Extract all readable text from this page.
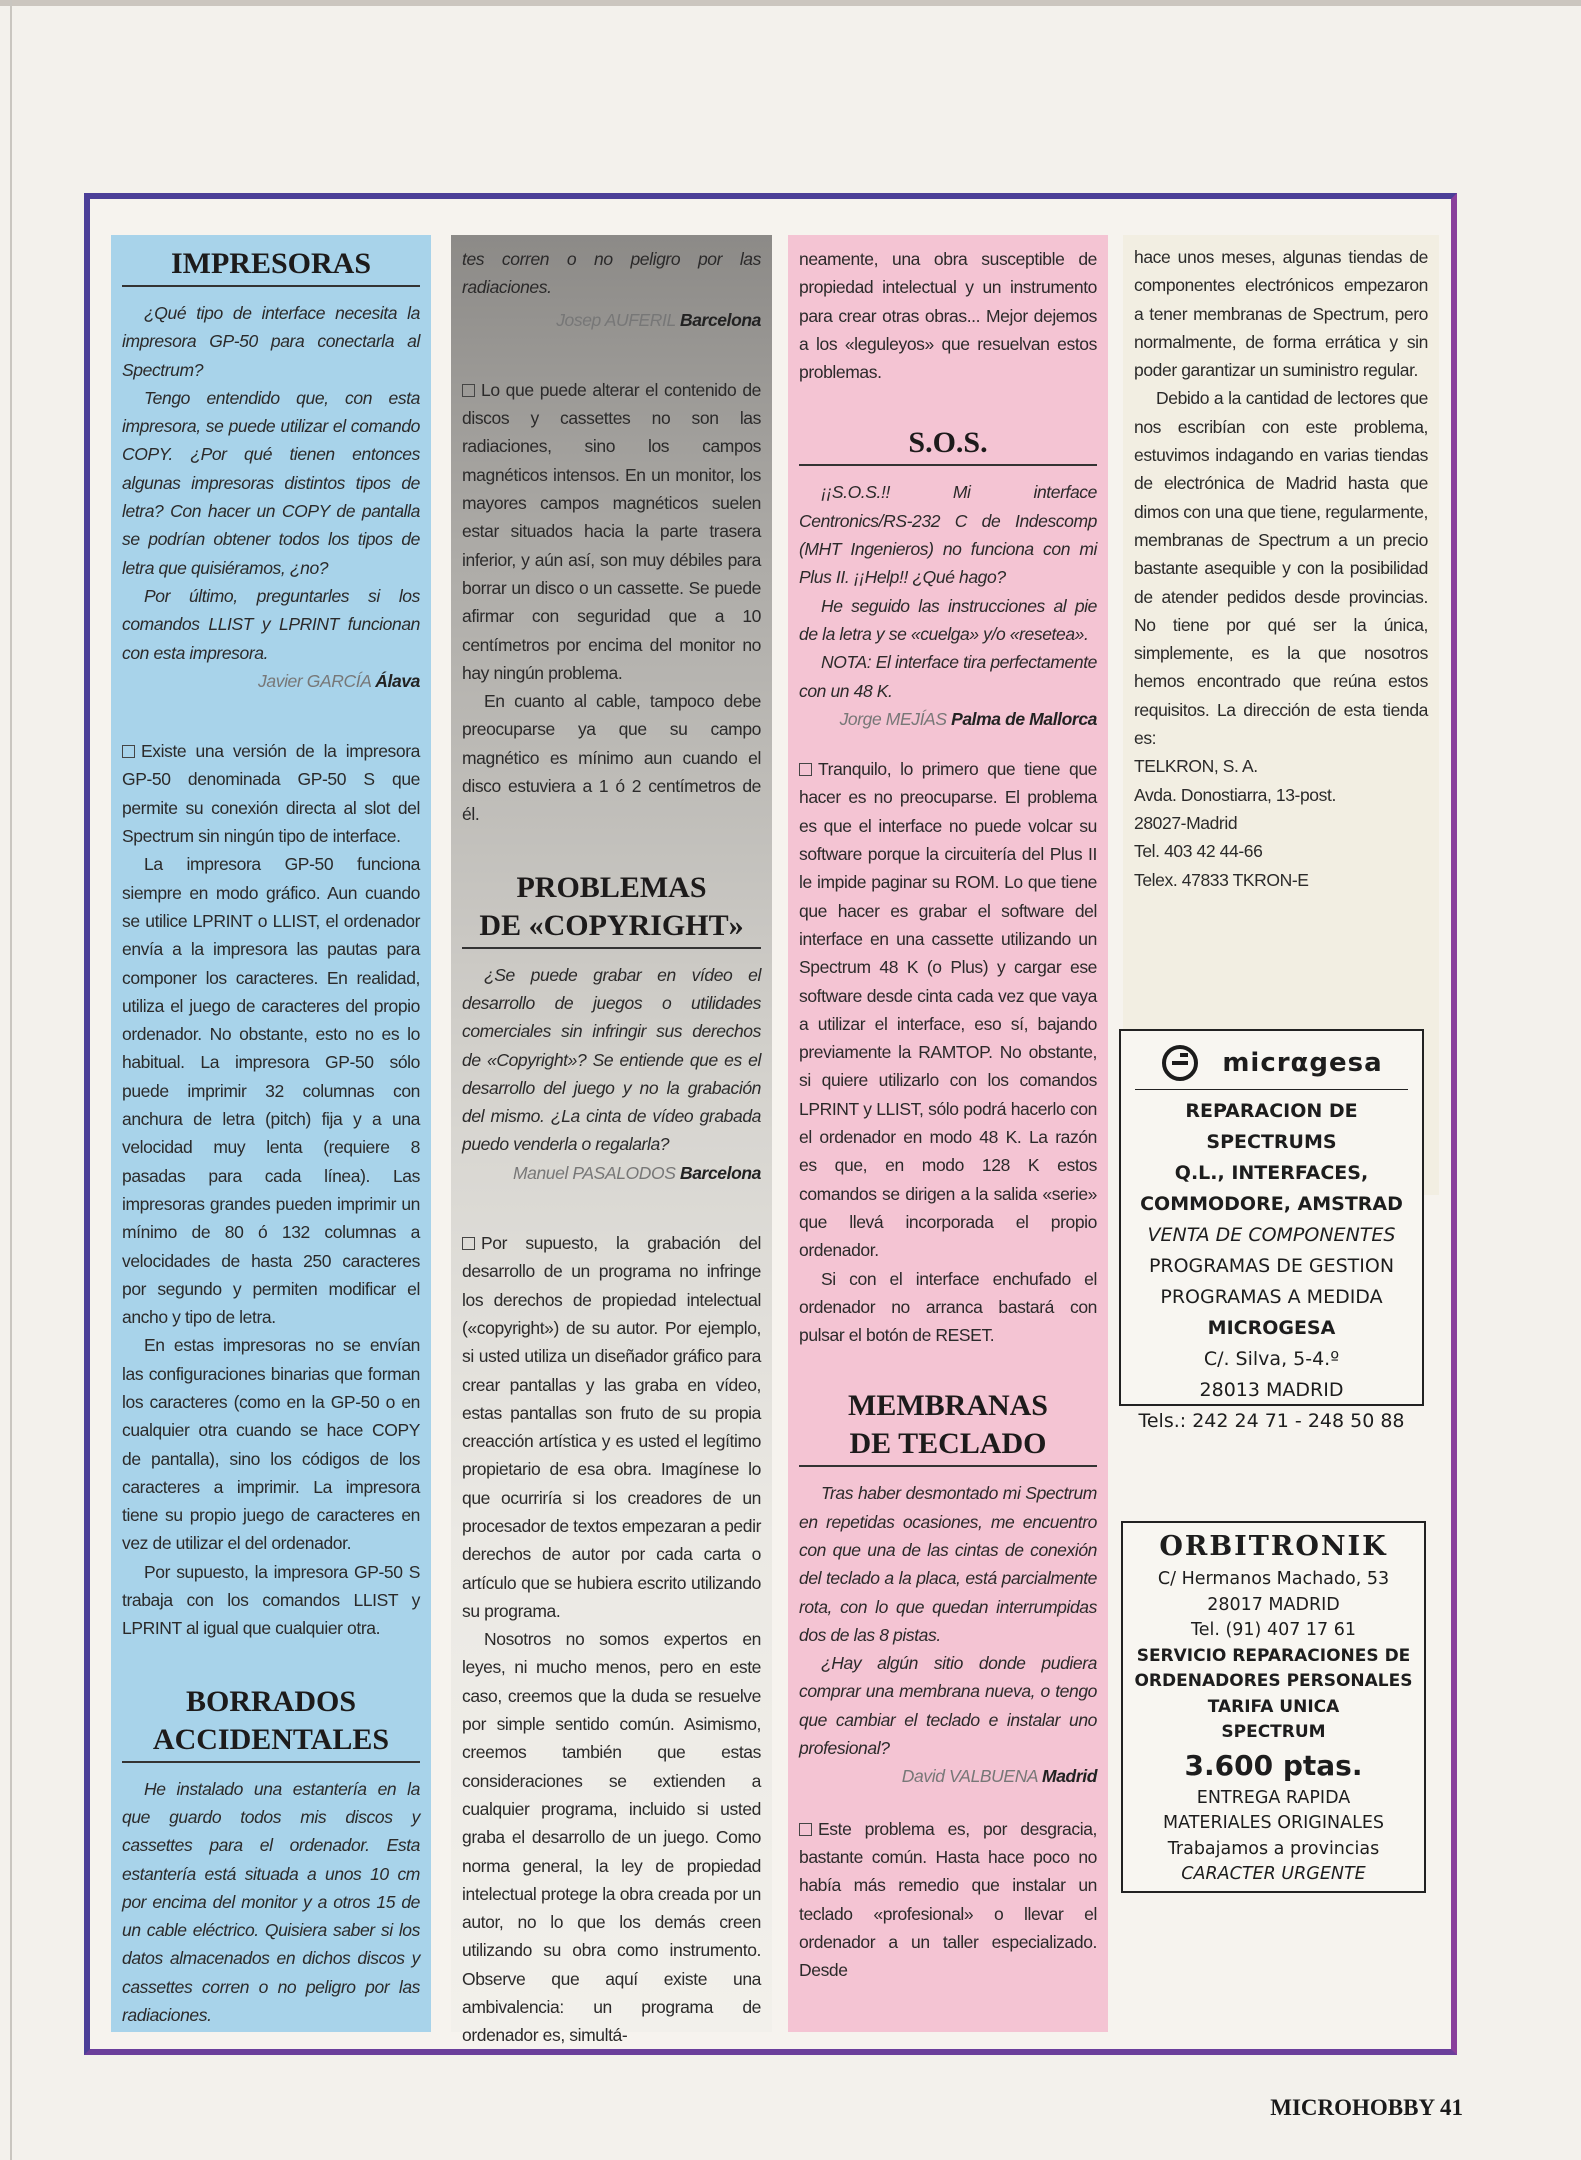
IMPRESORAS

¿Qué tipo de interface necesita la impresora GP-50 para conectarla al Spectrum?

Tengo entendido que, con esta impresora, se puede utilizar el comando COPY. ¿Por qué tienen entonces algunas impresoras distintos tipos de letra? Con hacer un COPY de pantalla se podrían obtener todos los tipos de letra que quisiéramos, ¿no?

Por último, preguntarles si los comandos LLIST y LPRINT funcionan con esta impresora.

Javier GARCÍA Álava

Existe una versión de la impresora GP-50 denominada GP-50 S que permite su conexión directa al slot del Spectrum sin ningún tipo de interface.

La impresora GP-50 funciona siempre en modo gráfico. Aun cuando se utilice LPRINT o LLIST, el ordenador envía a la impresora las pautas para componer los caracteres. En realidad, utiliza el juego de caracteres del propio ordenador. No obstante, esto no es lo habitual. La impresora GP-50 sólo puede imprimir 32 columnas con anchura de letra (pitch) fija y a una velocidad muy lenta (requiere 8 pasadas para cada línea). Las impresoras grandes pueden imprimir un mínimo de 80 ó 132 columnas a velocidades de hasta 250 caracteres por segundo y permiten modificar el ancho y tipo de letra.

En estas impresoras no se envían las configuraciones binarias que forman los caracteres (como en la GP-50 o en cualquier otra cuando se hace COPY de pantalla), sino los códigos de los caracteres a imprimir. La impresora tiene su propio juego de caracteres en vez de utilizar el del ordenador.

Por supuesto, la impresora GP-50 S trabaja con los comandos LLIST y LPRINT al igual que cualquier otra.

BORRADOS
ACCIDENTALES

He instalado una estantería en la que guardo todos mis discos y cassettes para el ordenador. Esta estantería está situada a unos 10 cm por encima del monitor y a otros 15 de un cable eléctrico. Quisiera saber si los datos almacenados en dichos discos y cassettes corren o no peligro por las radiaciones.

tes corren o no peligro por las radiaciones.

Josep AUFERIL Barcelona

Lo que puede alterar el contenido de discos y cassettes no son las radiaciones, sino los campos magnéticos intensos. En un monitor, los mayores campos magnéticos suelen estar situados hacia la parte trasera inferior, y aún así, son muy débiles para borrar un disco o un cassette. Se puede afirmar con seguridad que a 10 centímetros por encima del monitor no hay ningún problema.

En cuanto al cable, tampoco debe preocuparse ya que su campo magnético es mínimo aun cuando el disco estuviera a 1 ó 2 centímetros de él.

PROBLEMAS
DE «COPYRIGHT»

¿Se puede grabar en vídeo el desarrollo de juegos o utilidades comerciales sin infringir sus derechos de «Copyright»? Se entiende que es el desarrollo del juego y no la grabación del mismo. ¿La cinta de vídeo grabada puedo venderla o regalarla?

Manuel PASALODOS Barcelona

Por supuesto, la grabación del desarrollo de un programa no infringe los derechos de propiedad intelectual («copyright») de su autor. Por ejemplo, si usted utiliza un diseñador gráfico para crear pantallas y las graba en vídeo, estas pantallas son fruto de su propia creacción artística y es usted el legítimo propietario de esa obra. Imagínese lo que ocurriría si los creadores de un procesador de textos empezaran a pedir derechos de autor por cada carta o artículo que se hubiera escrito utilizando su programa.

Nosotros no somos expertos en leyes, ni mucho menos, pero en este caso, creemos que la duda se resuelve por simple sentido común. Asimismo, creemos también que estas consideraciones se extienden a cualquier programa, incluido si usted graba el desarrollo de un juego. Como norma general, la ley de propiedad intelectual protege la obra creada por un autor, no lo que los demás creen utilizando su obra como instrumento. Observe que aquí existe una ambivalencia: un programa de ordenador es, simultá-

neamente, una obra susceptible de propiedad intelectual y un instrumento para crear otras obras... Mejor dejemos a los «leguleyos» que resuelvan estos problemas.

S.O.S.

¡¡S.O.S.!! Mi interface Centronics/RS-232 C de Indescomp (MHT Ingenieros) no funciona con mi Plus II. ¡¡Help!! ¿Qué hago?

He seguido las instrucciones al pie de la letra y se «cuelga» y/o «resetea».

NOTA: El interface tira perfectamente con un 48 K.

Jorge MEJÍAS Palma de Mallorca

Tranquilo, lo primero que tiene que hacer es no preocuparse. El problema es que el interface no puede volcar su software porque la circuitería del Plus II le impide paginar su ROM. Lo que tiene que hacer es grabar el software del interface en una cassette utilizando un Spectrum 48 K (o Plus) y cargar ese software desde cinta cada vez que vaya a utilizar el interface, eso sí, bajando previamente la RAMTOP. No obstante, si quiere utilizarlo con los comandos LPRINT y LLIST, sólo podrá hacerlo con el ordenador en modo 48 K. La razón es que, en modo 128 K estos comandos se dirigen a la salida «serie» que llevá incorporada el propio ordenador.

Si con el interface enchufado el ordenador no arranca bastará con pulsar el botón de RESET.

MEMBRANAS
DE TECLADO

Tras haber desmontado mi Spectrum en repetidas ocasiones, me encuentro con que una de las cintas de conexión del teclado a la placa, está parcialmente rota, con lo que quedan interrumpidas dos de las 8 pistas.

¿Hay algún sitio donde pudiera comprar una membrana nueva, o tengo que cambiar el teclado e instalar uno profesional?

David VALBUENA Madrid

Este problema es, por desgracia, bastante común. Hasta hace poco no había más remedio que instalar un teclado «profesional» o llevar el ordenador a un taller especializado. Desde

hace unos meses, algunas tiendas de componentes electrónicos empezaron a tener membranas de Spectrum, pero normalmente, de forma errática y sin poder garantizar un suministro regular.

Debido a la cantidad de lectores que nos escribían con este problema, estuvimos indagando en varias tiendas de electrónica de Madrid hasta que dimos con una que tiene, regularmente, membranas de Spectrum a un precio bastante asequible y con la posibilidad de atender pedidos desde provincias. No tiene por qué ser la única, simplemente, es la que nosotros hemos encontrado que reúna estos requisitos. La dirección de esta tienda es:

TELKRON, S. A.

Avda. Donostiarra, 13-post.

28027-Madrid

Tel. 403 42 44-66

Telex. 47833 TKRON-E

micrαgesa
REPARACION DE SPECTRUMS
Q.L., INTERFACES,
COMMODORE, AMSTRAD
VENTA DE COMPONENTES
PROGRAMAS DE GESTION
PROGRAMAS A MEDIDA
MICROGESA
C/. Silva, 5-4.º
28013 MADRID
Tels.: 242 24 71 - 248 50 88
ORBITRONIK
C/ Hermanos Machado, 53
28017 MADRID
Tel. (91) 407 17 61
SERVICIO REPARACIONES DE
ORDENADORES PERSONALES
TARIFA UNICA
SPECTRUM
3.600 ptas.
ENTREGA RAPIDA
MATERIALES ORIGINALES
Trabajamos a provincias
CARACTER URGENTE
MICROHOBBY 41
